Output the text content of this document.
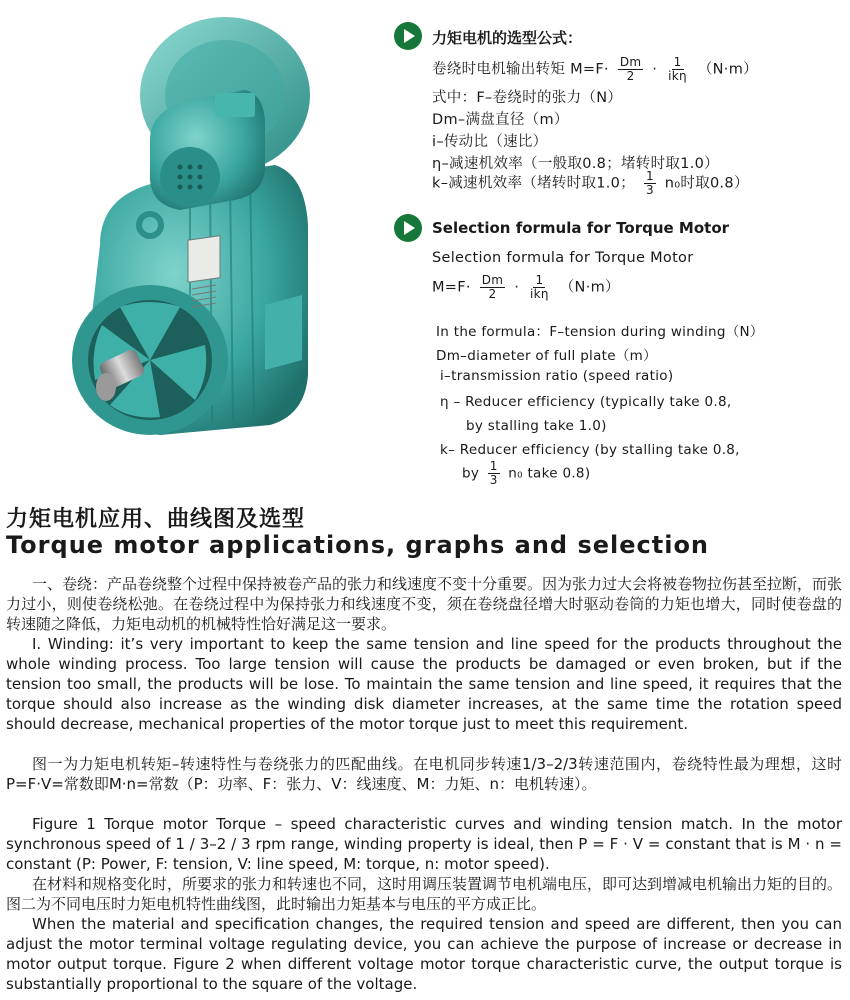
力矩电机的选型公式：
卷绕时电机输出转矩 $M=F\cdot \frac{Dm}{2} \cdot \frac{1}{\text{ikη}} (N\cdot m)$
式中：F–卷绕时的张力（N）
Dm–满盘直径（m）
i–传动比（速比）
η–减速机效率（一般取0.8；堵转时取1.0）
k–减速机效率（堵转时取1.0； $\frac{1}{3} n_0$时取0.8）
Selection formula for Torque Motor
Selection formula for Torque Motor
$M=F\cdot \frac{Dm}{2} \cdot \frac{1}{\text{ikη}} (N\cdot m)$
In the formula：F–tension during winding（N）
Dm–diameter of full plate（m）
i–transmission ratio (speed ratio)
η – Reducer efficiency (typically take 0.8,
by stalling take 1.0)
k– Reducer efficiency (by stalling take 0.8,
by $\frac{1}{3} n_0$ take 0.8)
力矩电机应用、曲线图及选型
Torque motor applications, graphs and selection
一、卷绕：产品卷绕整个过程中保持被卷产品的张力和线速度不变十分重要。因为张力过大会将被卷物拉伤甚至拉断，而张力过小，则使卷绕松弛。在卷绕过程中为保持张力和线速度不变，须在卷绕盘径增大时驱动卷筒的力矩也增大，同时使卷盘的转速随之降低，力矩电动机的机械特性恰好满足这一要求。
I. Winding: it’s very important to keep the same tension and line speed for the products throughout the whole winding process. Too large tension will cause the products be damaged or even broken, but if the tension too small, the products will be lose. To maintain the same tension and line speed, it requires that the torque should also increase as the winding disk diameter increases, at the same time the rotation speed should decrease, mechanical properties of the motor torque just to meet this requirement.
图一为力矩电机转矩–转速特性与卷绕张力的匹配曲线。在电机同步转速1/3–2/3转速范围内，卷绕特性最为理想，这时P=F·V=常数即M·n=常数（P：功率、F：张力、V：线速度、M：力矩、n：电机转速）。
Figure 1 Torque motor Torque – speed characteristic curves and winding tension match. In the motor synchronous speed of 1 / 3–2 / 3 rpm range, winding property is ideal, then P = F · V = constant that is M · n = constant (P: Power, F: tension, V: line speed, M: torque, n: motor speed).
在材料和规格变化时，所要求的张力和转速也不同，这时用调压装置调节电机端电压，即可达到增减电机输出力矩的目的。图二为不同电压时力矩电机特性曲线图，此时输出力矩基本与电压的平方成正比。
When the material and specification changes, the required tension and speed are different, then you can adjust the motor terminal voltage regulating device, you can achieve the purpose of increase or decrease in motor output torque. Figure 2 when different voltage motor torque characteristic curve, the output torque is substantially proportional to the square of the voltage.
